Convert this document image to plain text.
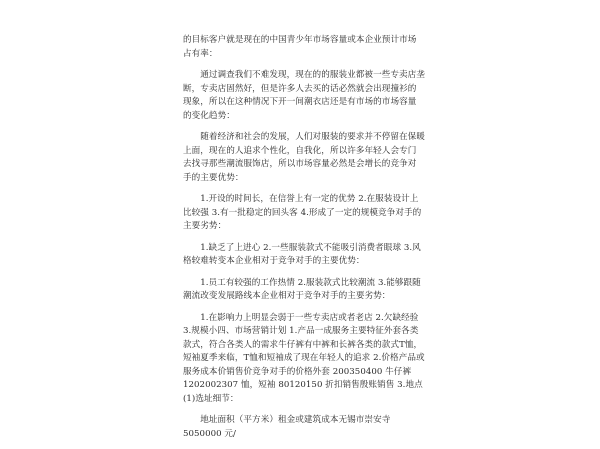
的目标客户就是现在的中国青少年市场容量或本企业预计市场占有率：

通过调查我们不难发现，现在的的服装业都被一些专卖店垄断，专卖店固然好，但是许多人去买的话必然就会出现撞衫的现象，所以在这种情况下开一间潮衣店还是有市场的市场容量的变化趋势：

随着经济和社会的发展，人们对服装的要求并不停留在保暖上面，现在的人追求个性化，自我化，所以许多年轻人会专门去找寻那些潮流服饰店，所以市场容量必然是会增长的竞争对手的主要优势：

1.开设的时间长，在信誉上有一定的优势 2.在服装设计上比较强 3.有一批稳定的回头客 4.形成了一定的规模竞争对手的主要劣势：

1.缺乏了上进心 2.一些服装款式不能吸引消费者眼球 3.风格较难转变本企业相对于竞争对手的主要优势：

1.员工有较强的工作热情 2.服装款式比较潮流 3.能够跟随潮流改变发展路线本企业相对于竞争对手的主要劣势：

1.在影响力上明显会弱于一些专卖店或者老店 2.欠缺经验 3.规模小四、市场营销计划 1.产品一成服务主要特征外套各类款式，符合各类人的需求牛仔裤有中裤和长裤各类的款式T恤，短袖夏季来临，T恤和短袖成了现在年轻人的追求 2.价格产品或服务成本价销售价竞争对手的价格外套 200350400 牛仔裤 1202002307 恤，短袖 80120150 折扣销售殷账销售 3.地点(1)选址细节：

地址面积（平方米）租金或建筑成本无锡市崇安寺 5050000 元/
